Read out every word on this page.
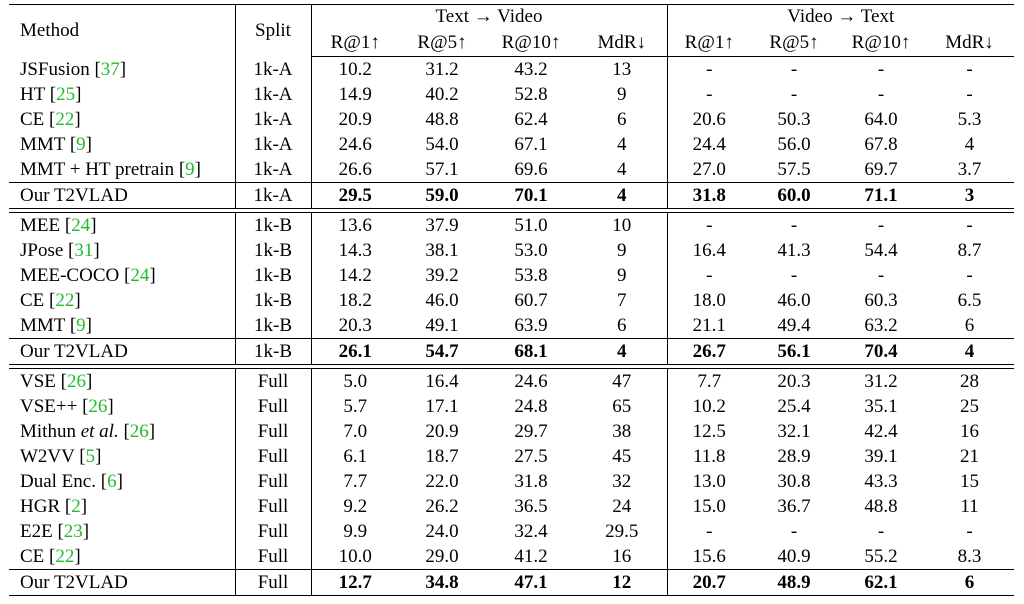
Method	Split	Text → Video				Video → Text			
		R@1↑	R@5↑	R@10↑	MdR↓	R@1↑	R@5↑	R@10↑	MdR↓
JSFusion [37]	1k-A	10.2	31.2	43.2	13	-	-	-	-
HT [25]	1k-A	14.9	40.2	52.8	9	-	-	-	-
CE [22]	1k-A	20.9	48.8	62.4	6	20.6	50.3	64.0	5.3
MMT [9]	1k-A	24.6	54.0	67.1	4	24.4	56.0	67.8	4
MMT + HT pretrain [9]	1k-A	26.6	57.1	69.6	4	27.0	57.5	69.7	3.7
Our T2VLAD	1k-A	29.5	59.0	70.1	4	31.8	60.0	71.1	3

MEE [24]	1k-B	13.6	37.9	51.0	10	-	-	-	-
JPose [31]	1k-B	14.3	38.1	53.0	9	16.4	41.3	54.4	8.7
MEE-COCO [24]	1k-B	14.2	39.2	53.8	9	-	-	-	-
CE [22]	1k-B	18.2	46.0	60.7	7	18.0	46.0	60.3	6.5
MMT [9]	1k-B	20.3	49.1	63.9	6	21.1	49.4	63.2	6
Our T2VLAD	1k-B	26.1	54.7	68.1	4	26.7	56.1	70.4	4

VSE [26]	Full	5.0	16.4	24.6	47	7.7	20.3	31.2	28
VSE++ [26]	Full	5.7	17.1	24.8	65	10.2	25.4	35.1	25
Mithun et al. [26]	Full	7.0	20.9	29.7	38	12.5	32.1	42.4	16
W2VV [5]	Full	6.1	18.7	27.5	45	11.8	28.9	39.1	21
Dual Enc. [6]	Full	7.7	22.0	31.8	32	13.0	30.8	43.3	15
HGR [2]	Full	9.2	26.2	36.5	24	15.0	36.7	48.8	11
E2E [23]	Full	9.9	24.0	32.4	29.5	-	-	-	-
CE [22]	Full	10.0	29.0	41.2	16	15.6	40.9	55.2	8.3
Our T2VLAD	Full	12.7	34.8	47.1	12	20.7	48.9	62.1	6
